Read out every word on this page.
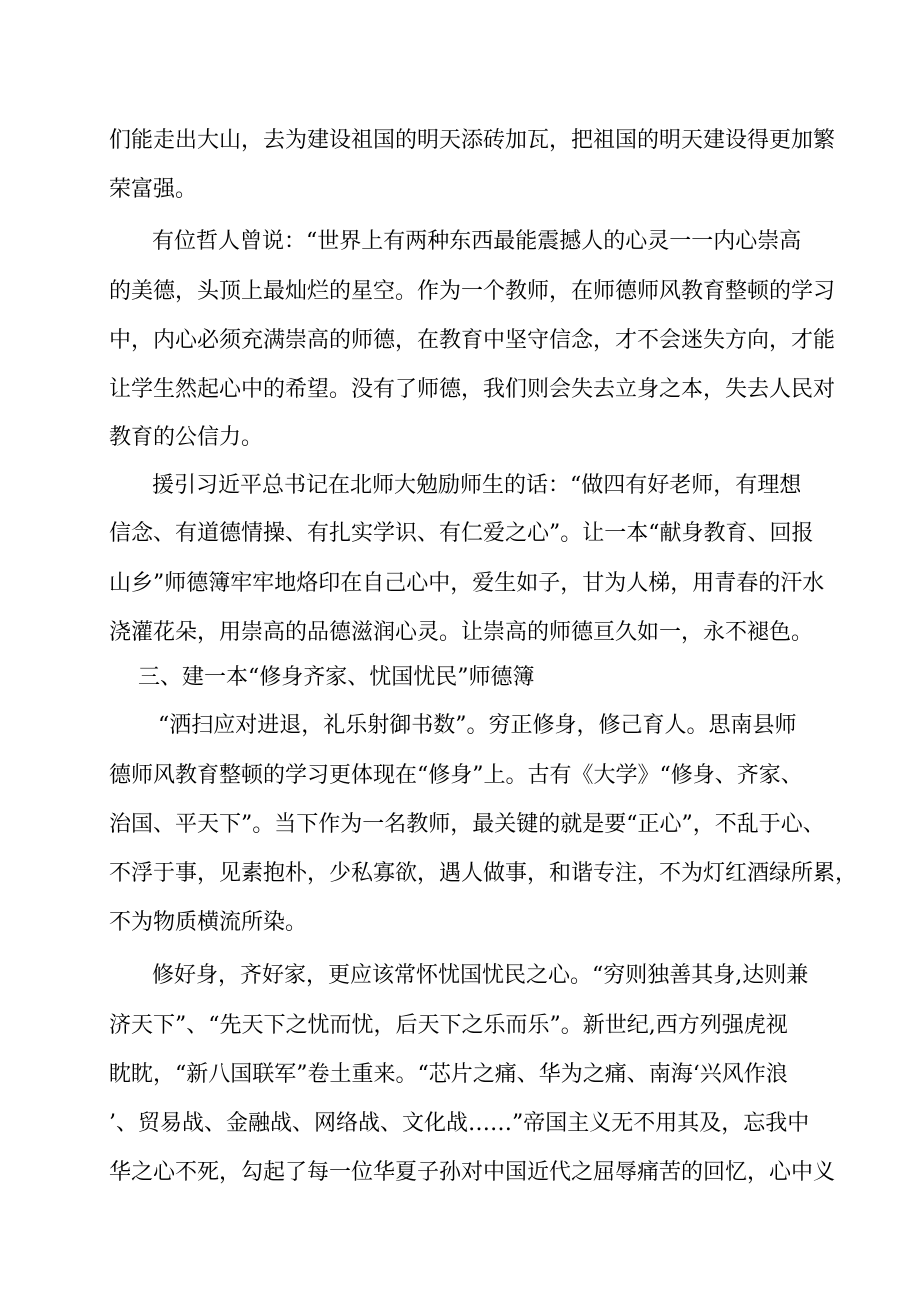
们能走出大山，去为建设祖国的明天添砖加瓦，把祖国的明天建设得更加繁

荣富强。

有位哲人曾说：“世界上有两种东西最能震撼人的心灵一一内心崇高

的美德，头顶上最灿烂的星空。作为一个教师，在师德师风教育整顿的学习

中，内心必须充满崇高的师德，在教育中坚守信念，才不会迷失方向，才能

让学生然起心中的希望。没有了师德，我们则会失去立身之本，失去人民对

教育的公信力。

援引习近平总书记在北师大勉励师生的话：“做四有好老师，有理想

信念、有道德情操、有扎实学识、有仁爱之心”。让一本“献身教育、回报

山乡”师德簿牢牢地烙印在自己心中，爱生如子，甘为人梯，用青春的汗水

浇灌花朵，用崇高的品德滋润心灵。让崇高的师德亘久如一，永不褪色。

三、建一本“修身齐家、忧国忧民”师德簿

“洒扫应对进退，礼乐射御书数”。穷正修身，修己育人。思南县师

德师风教育整顿的学习更体现在“修身”上。古有《大学》“修身、齐家、

治国、平天下”。当下作为一名教师，最关键的就是要“正心”，不乱于心、

不浮于事，见素抱朴，少私寡欲，遇人做事，和谐专注，不为灯红酒绿所累，

不为物质横流所染。

修好身，齐好家，更应该常怀忧国忧民之心。“穷则独善其身,达则兼

济天下”、“先天下之忧而忧，后天下之乐而乐”。新世纪,西方列强虎视

眈眈，“新八国联军”卷土重来。“芯片之痛、华为之痛、南海‘兴风作浪

’、贸易战、金融战、网络战、文化战……”帝国主义无不用其及，忘我中

华之心不死，勾起了每一位华夏子孙对中国近代之屈辱痛苦的回忆，心中义
